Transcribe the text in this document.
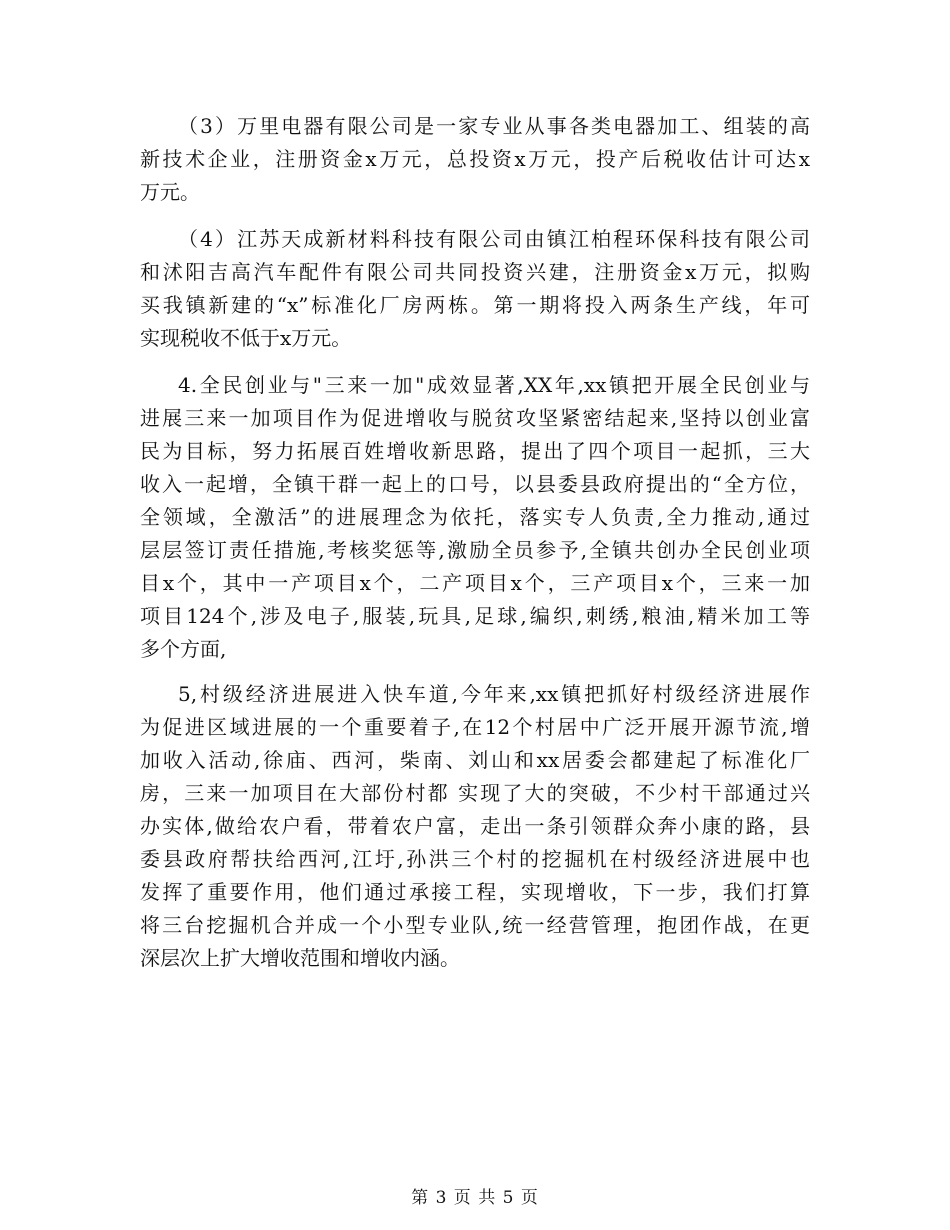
（3）万里电器有限公司是一家专业从事各类电器加工、组装的高
新技术企业，注册资金x万元，总投资x万元，投产后税收估计可达x
万元。

（4）江苏天成新材料科技有限公司由镇江柏程环保科技有限公司
和沭阳吉高汽车配件有限公司共同投资兴建，注册资金x万元，拟购
买我镇新建的“x”标准化厂房两栋。第一期将投入两条生产线，年可
实现税收不低于x万元。

4.全民创业与"三来一加"成效显著,XX年,xx镇把开展全民创业与
进展三来一加项目作为促进增收与脱贫攻坚紧密结起来,坚持以创业富
民为目标，努力拓展百姓增收新思路，提出了四个项目一起抓，三大
收入一起增，全镇干群一起上的口号，以县委县政府提出的“全方位，
全领域，全激活”的进展理念为依托，落实专人负责,全力推动,通过
层层签订责任措施,考核奖惩等,激励全员参予,全镇共创办全民创业项
目x个，其中一产项目x个，二产项目x个，三产项目x个，三来一加
项目124个,涉及电子,服装,玩具,足球,编织,刺绣,粮油,精米加工等
多个方面,

5,村级经济进展进入快车道,今年来,xx镇把抓好村级经济进展作
为促进区域进展的一个重要着子,在12个村居中广泛开展开源节流,增
加收入活动,徐庙、西河，柴南、刘山和xx居委会都建起了标准化厂
房，三来一加项目在大部份村都 实现了大的突破，不少村干部通过兴
办实体,做给农户看，带着农户富，走出一条引领群众奔小康的路，县
委县政府帮扶给西河,江圩,孙洪三个村的挖掘机在村级经济进展中也
发挥了重要作用，他们通过承接工程，实现增收，下一步，我们打算
将三台挖掘机合并成一个小型专业队,统一经营管理，抱团作战，在更
深层次上扩大增收范围和增收内涵。

第 3 页 共 5 页
